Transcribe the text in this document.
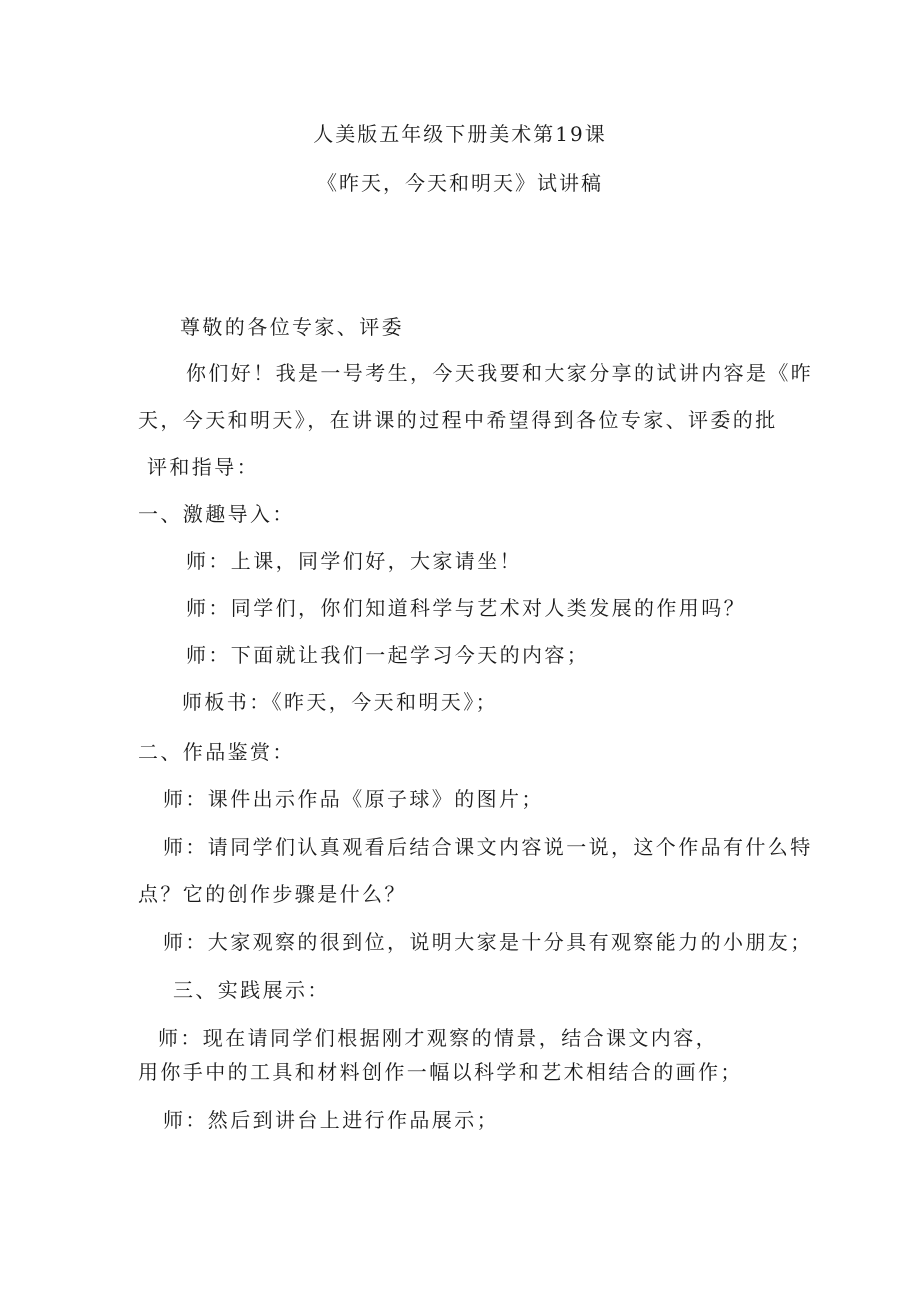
人美版五年级下册美术第19课
《昨天，今天和明天》试讲稿
尊敬的各位专家、评委
你们好！我是一号考生，今天我要和大家分享的试讲内容是《昨
天，今天和明天》，在讲课的过程中希望得到各位专家、评委的批
评和指导：
一、激趣导入：
师：上课，同学们好，大家请坐！
师：同学们，你们知道科学与艺术对人类发展的作用吗？
师：下面就让我们一起学习今天的内容；
师板书：《昨天，今天和明天》；
二、作品鉴赏：
师：课件出示作品《原子球》的图片；
师：请同学们认真观看后结合课文内容说一说，这个作品有什么特
点？它的创作步骤是什么？
师：大家观察的很到位，说明大家是十分具有观察能力的小朋友；
三、实践展示：
师：现在请同学们根据刚才观察的情景，结合课文内容，
用你手中的工具和材料创作一幅以科学和艺术相结合的画作；
师：然后到讲台上进行作品展示；
